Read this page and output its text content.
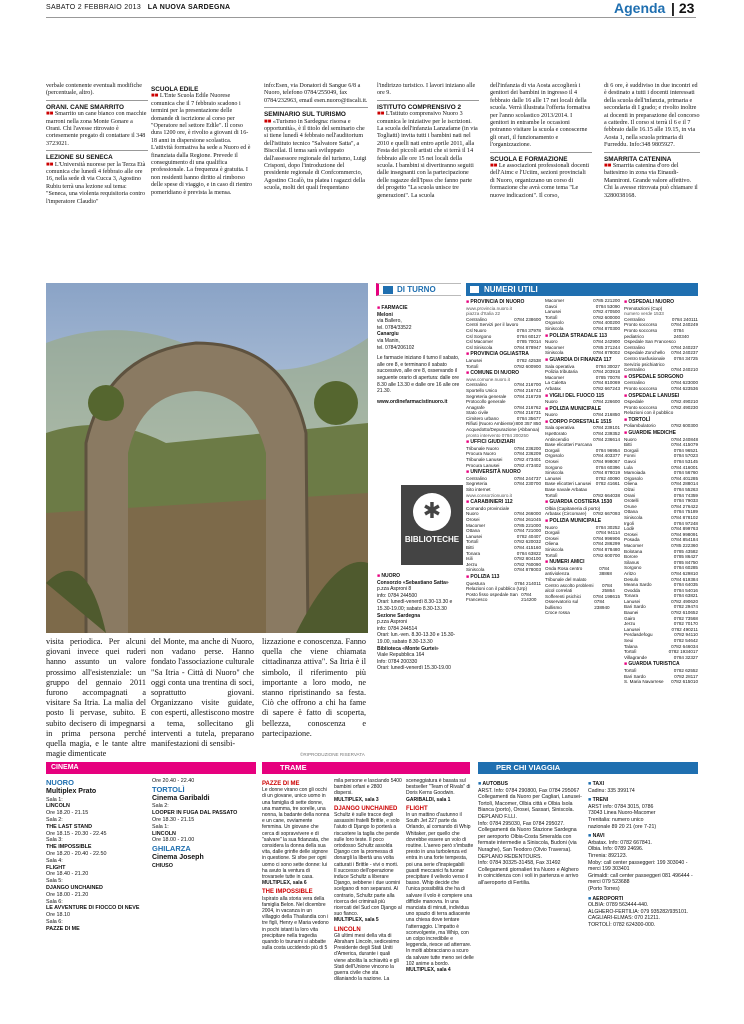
SABATO 2 FEBBRAIO 2013 LA NUOVA SARDEGNA	Agenda | 23
verbale contenente eventuali modifiche (percentuale, altro).
ORANI. CANE SMARRITO
■■ Smarrito un cane bianco con macchie marroni nella zona Monte Gonare a Orani. Chi l'avesse ritrovato è cortesemente pregato di contattare il 348 3723021.
LEZIONE SU SENECA
■■ L'Università nuorese per la Terza Età comunica che lunedì 4 febbraio alle ore 16, nella sede di via Cucca 3, Agostino Rubiu terrà una lezione sul tema: "Seneca, una violenta requisitoria contro l'imperatore Claudio"
SCUOLA EDILE
■■ L'Ente Scuola Edile Nuorese comunica che il 7 febbraio scadono i termini per la presentazione delle domande di iscrizione al corso per "Operatore nel settore Edile". Il corso dura 1200 ore, è rivolto a giovani di 16-18 anni in dispersione scolastica. L'attività formativa ha sede a Nuoro ed è finanziata dalla Regione. Prevede il conseguimento di una qualifica professionale. La frequenza è gratuita. I non residenti hanno diritto al rimborso delle spese di viaggio, e in caso di rientro pomeridiano è prevista la mensa.
info:Esen, via Donatori di Sangue 6/8 a Nuoro, telefono 0784/255049, fax 0784/232963, email esen.nuoro@tiscali.it.
SEMINARIO SUL TURISMO
■■ «Turismo in Sardegna: risorsa e opportunità», è il titolo del seminario che si tiene lunedì 4 febbraio nell'auditorium dell'istituto tecnico "Salvatore Satta", a Biscollai. Il tema sarà sviluppato dall'assessore regionale del turismo, Luigi Crisponi, dopo l'introduzione del presidente regionale di Confcommercio, Agostino Cicalò, tra platea i ragazzi della scuola, molti dei quali frequentano
l'indirizzo turistico. I lavori iniziano alle ore 9.
ISTITUTO COMPRENSIVO 2
■■ L'Istituto comprensivo Nuoro 3 comunica le iniziative per le iscrizioni. La scuola dell'infanzia Lanzafame (in via Togliatti) invita tutti i bambini nati nel 2010 e quelli nati entro aprile 2011, alla Festa dei piccoli artisti che si terrà il 14 febbraio alle ore 15 nei locali della scuola. I bambini si divertiranno seguiti dalle insegnanti con la partecipazione delle ragazze dell'Ipsss che fanno parte del progetto "La scuola unisce tre generazioni". La scuola
dell'infanzia di via Aosta accoglierà i genitori dei bambini in ingresso il 4 febbraio dalle 16 alle 17 nei locali della scuola. Verrà illustrata l'offerta formativa per l'anno scolastico 2013/2014. I genitori in entrambe le occasioni potranno visitare la scuola e conoscerne gli orari, il funzionamento e l'organizzazione.
SCUOLA E FORMAZIONE
■■ Le associazioni professionali docenti dell'Aimc e l'Uciim, sezioni provinciali di Nuoro, organizzano un corso di formazione che avrà come tema "Le nuove indicazioni". Il corso,
di 6 ore, è suddiviso in due incontri ed è destinato a tutti i docenti interessati della scuola dell'infanzia, primaria e secondaria di I grado; e rivolto inoltre ai docenti in preparazione del concorso a cattedre. Il corso si terrà il 6 e il 7 febbraio dalle 16.15 alle 19.15, in via Aosta 1, nella scuola primaria di Furreddu. Info:348 9805927.
SMARRITA CATENINA
■■ Smarrita catenina d'oro del battesimo in zona via Einaudi-Mannironi. Grande valore affettivo. Chi la avesse ritrovata può chiamare il 3280038168.
visita periodica. Per alcuni giovani invece quei ruderi hanno assunto un valore prossimo all'esistenziale: un gruppo del gennaio 2011 furono accompagnati a visitare Sa Itria. La malia del posto li pervase, subito. E subito decisero di impegnarsi in prima persona perché quella magia, e le tante altre magie dimenticate
del Monte, ma anche di Nuoro, non vadano perse. Hanno fondato l'associazione culturale "Sa Itria - Città di Nuoro" che oggi conta una trentina di soci, soprattutto giovani. Organizzano visite guidate, con esperti, allestiscono mostre a tema, sollecitano gli interventi a tutela, preparano manifestazioni di sensibi-
lizzazione e conoscenza. Fanno quella che viene chiamata cittadinanza attiva". Sa Itria è il simbolo, il riferimento più importante a loro modo, ne stanno ripristinando sa festa. Ciò che offrono a chi ha fame di sapere è fatto di scoperta, bellezza, conoscenza e partecipazione.
©RIPRODUZIONE RISERVATA
DI TURNO
■ FARMACIE
Meloni
via Ballero,
tel. 0784/33522
Canargiu
via Manin,
tel. 0784/206102
Le farmacie iniziano il turno il sabato, alle ore 8, e terminano il sabato successivo, alle ore 8, osservando il seguente orario di apertura: dalle ore 8.30 alle 13.30 e dalle ore 16 alle ore 21.30.
www.ordinefarmacistinuoro.it
✱
BIBLIOTECHE
■ NUORO
Consorzio «Sebastiano Satta»
p.zza Asproni 8
info: 0784 244500
Orari: lunedì-venerdì 8.30-13.30 e 15.30-19.00; sabato 8.30-13.30
Sezione Sardegna
p.zza Asproni
info: 0784 244514
Orari: lun.-ven. 8.30-13.30 e 15.30-19.00, sabato 8.30-13.30
Biblioteca «Monte Gurtei»
Viale Repubblica 164
Info: 0784 200330
Orari: lunedì-venerdì 15.30-19.00
NUMERI UTILI
■ PROVINCIA DI NUORO
www.provincia.nuoro.it
piazza d'Italia 22
Centralino	0784 238600
Centri Servizi per il lavoro
Csl Nuoro	0784 37978
Csl Sorgono	0784 60127
Csl Macomer	0785 70014
Csl Siniscola	0784 878947
■ PROVINCIA OGLIASTRA
Lanusei	0782 42538
Tortolì	0782 600900
■ COMUNE DI NUORO
www.comune.nuoro.it
Centralino	0784 216700
Sportello Unico	0784 216743
Segreteria generale 0784 216729
Protocollo generale
Anagrafe	0784 216762
Stato civile	0784 216731
Cimitero urbano	0784 35677
Rifiuti (Nuoro Ambiente) 800 357 850
Acquedotto/Depurazione (Abbanoa)
pronto intervento 0784 200250
■ UFFICI GIUDIZIARI
Tribunale Nuoro	0784 236200
Procura Nuoro	0784 236209
Tribunale Lanusei	0782 473401
Procura Lanusei	0782 473402
■ UNIVERSITÀ NUORO
Centralino	0784 244737
Segreteria	0784 230700
Sito internet
www.consorzionuoro.it
■ CARABINIERI 112
Comando provinciale
Nuoro	0784 266000
Orosei	0784 261045
Macomer	0785 221000
Ottana	0784 721000
Lanusei	0782 40407
Tortolì	0782 620032
Bitti	0784 415160
Tonara	0784 63822
Isili	0782 804100
Jerzu	0782 760090
Siniscola	0784 878003
■ POLIZIA 113
Questura	0784 214011
Relazioni con il pubblico (Urp)
Posto fisso ospedale San Francesco
0784 214200
Macomer	0785 221200
Gavoi	0784 53090
Lanusei	0782 470500
Tortolì	0782 600000
Orgosolo	0784 400200
Siniscola	0784 870300
■ POLIZIA STRADALE 113
Nuoro	0784 242900
Macomer	0785 371244
Siniscola	0784 878002
■ GUARDIA DI FINANZA 117
Sala operativa	0784 30027
Polizia tributaria	0784 203918
Macomer	0785 70078
La Caletta	0784 810069
Arbatax	0782 667243
■ VIGILI DEL FUOCO 115
Nuoro	0784 226600
■ POLIZIA MUNICIPALE
Nuoro	0784 216850
■ CORPO FORESTALE 1515
Sala operativa	0784 239101
Ispettorato	0784 239352
Antincendio	0784 236614
Base elicotteri Farcana
Dorgali	0784 96954
Orgosolo	0784 403377
Orosei	0784 998067
Sorgono	0784 60396
Siniscola	0784 878019
Lanusei	0782 40090
Base elicotteri Lanusei 0782 41661
Base navale Arbatax
Tortolì	0782 664038
■ GUARDIA COSTIERA 1530
Olbia (Capitaneria di porto)
Arbatax (Circomare) 0782 667093
■ POLIZIA MUNICIPALE
Nuoro	0784 30252
Dorgali	0784 94114
Orosei	0784 996906
Oliena	0784 286299
Siniscola	0784 878480
Tortolì	0782 600700
■ NUMERI AMICI
Onda Rosa centro antiviolenza
0784 38868
Tribunale del malato
Centro ascolto problemi alcol correlati
0784 25864
Sofferenti psichici	0784 198615
Osservatorio sul bullismo
0784 238940
Croce rossa
■ OSPEDALI NUORO
Prenotazioni (Cup)
numero verde 1533
Centralino	0784 240111
Pronto soccorso	0784 240249
Pronto soccorso pediatrico
0784 240340
Ospedale San Francesco
Centralino	0784 240237
Ospedale Zonchello 0784 240237
Centro trasfusionale 0784 34725
Servizio psichiatrico
Centralino	0784 240210
■ OSPEDALE SORGONO
Centralino	0784 623000
Pronto soccorso	0784 623536
■ OSPEDALE LANUSEI
Ospedale	0782 490210
Pronto soccorso	0782 490230
Relazioni con il pubblico
■ TORTOLÌ
Poliambulatorio	0782 600300
■ GUARDIE MEDICHE
Nuoro	0784 240848
Bitti	0784 415079
Dorgali	0784 96521
Fonni	0784 57023
Gavoi	0784 53145
Lula	0784 416001
Mamoiada	0784 56760
Orgosolo	0784 401285
Oliena	0784 288014
Olzai	0784 55263
Orani	0784 74359
Orotelli	0784 79033
Orune	0784 276422
Ottana	0784 75189
Siniscola	0784 878102
Irgoli	0784 97248
Lodè	0784 899763
Orosei	0784 998091
Posada	0784 854184
Macomer	0785 222360
Bolotana	0785 43582
Borore	0785 86427
Silanus	0785 84750
Sorgono	0784 60285
Aritzo	0784 629810
Desulo	0784 619384
Meana Sardo	0784 64035
Ovodda	0784 54016
Tonara	0784 63821
Lanusei	0782 490620
Bari Sardo	0782 29474
Baunei	0782 610652
Gairo	0782 73568
Jerzu	0782 70170
Lanusei	0782 490211
Perdasdefogu	0782 94110
Seui	0782 54642
Talana	0782 646034
Tortolì	0782 1934017
Villagrande	0784 32327
■ GUARDIA TURISTICA
Tortolì	0782 62552
Bari Sardo	0782 28117
S. Maria Navarrese 0782 615010
CINEMA
NUORO
Multiplex Prato
Sala 1:
LINCOLN
Ore 18.20 - 21.15
Sala 2:
THE LAST STAND
Ore 18.15 - 20.30 - 22.45
Sala 3:
THE IMPOSSIBLE
Ore 18.20 - 20.40 - 22.50
Sala 4:
FLIGHT
Ore 18.40 - 21.20
Sala 5:
DJANGO UNCHAINED
Ore 18.00 - 21.20
Sala 6:
LE AVVENTURE DI FIOCCO DI NEVE
Ore 18.10
Sala 6:
PAZZE DI ME
Ore 20.40 - 22.40
TORTOLÌ
Cinema Garibaldi
Sala 2:
LOOPER IN FUGA DAL PASSATO
Ore 18.30 - 21.15
Sala 1:
LINCOLN
Ore 18.00 - 21.00
GHILARZA
Cinema Joseph
CHIUSO
TRAME
PAZZE DI ME
Le donne virano con gli occhi di un giovane, unico uomo in una famiglia di sette donne, una mamma, tre sorelle, una nonna, la badante della nonna e un cane, ovviamente femmina. Un giovane che cerca di sopravvivere e di "salvare" la sua fidanzata, che considera la donna della sua vita, dalle grinfie delle signore in questione. Si sfoe per ogni uomo ci sono sette donne: lui ha avuto la ventura di trovarsele tutte in casa.
MULTIPLEX, sala 6
THE IMPOSSIBLE
Ispirato alla storia vera della famiglia Belon. Nel dicembre 2004, in vacanza in un villaggio della Thailandia con i tre figli, Henry e Maria vedono in pochi istanti la loro vita precipitare nella tragedia quando lo tsunami si abbatte sulla costa uccidendo più di 5
mila persone e lasciando 5400 bambini orfani e 2800 dispersi.
MULTIPLEX, sala 3
DJANGO UNCHAINED
Schultz è sulle tracce degli assassini fratelli Brittle, e solo l'aiuto di Django lo porterà a riscuotere la taglia che pende sulle loro teste. Il poco ortodosso Schultz assolda Django con la promessa di donargli la libertà una volta catturati i Brittle - vivi o morti. Il successo dell'operazione induce Schultz a liberare Django, sebbene i due uomini scelgano di non separarsi. Al contrario, Schultz parte alla ricerca dei criminali più ricercati del Sud con Django al suo fianco.
MULTIPLEX, sala 5
LINCOLN
Gli ultimi mesi della vita di Abraham Lincoln, sedicesimo Presidente degli Stati Uniti d'America, durante i quali viene abolita la schiavitù e gli Stati dell'Unione vincono la guerra civile che sta dilaniando la nazione. La
sceneggiatura è basata sul bestseller "Team of Rivals" di Doris Kerns Goodwin.
GARIBALDI, sala 1
FLIGHT
In un mattino d'autunno il South Jet 227 parte da Orlando, al comando di Whip Whitaker, per quello che dovrebbe essere un volo di routine. L'aereo però s'imbatte presto in una turbolenza ed entra in una forte tempesta, poi una serie d'inspiegabili guasti meccanici fa tuonar precipitare il velivolo verso il basso. Whip decide che l'unica possibilità che ha di salvare il volo è compiere una difficile manovra. In una manciata di minuti, individua uno spazio di terra adiacente una chiesa dove tentare l'atterraggio. L'impatto è sconvolgente, ma Whip, con un colpo incredibile e leggenda, riesce ad atterrare. In molti abbracciano a scuro da salvare tutte meno sei delle 102 anime a bordo.
MULTIPLEX, sala 4
PER CHI VIAGGIA
■ AUTOBUS
ARST. Info: 0784 290800, Fax 0784 295067
Collegamenti da Nuoro per Cagliari, Lanusei-Tortolì, Macomer, Olbia città e Olbia Isola Bianca (porto), Orosei, Sassari, Siniscola.
DEPLANO F.LLI.
Info: 0784 295030, Fax 0784 295027.
Collegamenti da Nuoro Stazione Sardegna per aeroporto Olbia-Costa Smeralda con fermate intermedie a Siniscola, Budoni (via Nuraghe), San Teodoro (Olvio Traversa).
DEPLANO REDENTOURS.
Info: 0784 30325-31458, Fax 31492
Collegamenti giornalieri tra Nuoro e Alghero in coincidenza con i voli in partenza e arrivo all'aeroporto di Fertilia.
■ TAXI
Cadinu: 335 399174
■ TRENI
ARST info: 0784 3015, 0786
73043 Linea Nuoro-Macomer
Trenitalia: numero unico
nazionale 89 20 21 (ore 7-21)
■ NAVI
Arbatax. Info: 0782 667841.
Olbia. Info: 0789 24696.
Tirrenia: 892123.
Moby: call center passeggeri: 199 303040 - merci 199 303401
Grimaldi: call center passeggeri 081 496444 - merci 079 523688
(Porto Torres)
■ AEROPORTI
OLBIA: 0789 563444-440.
ALGHERO-FERTILIA: 079 935282/935101.
CAGLIARI-ELMAS: 070 21211.
TORTOLÌ: 0782 624300-000.
